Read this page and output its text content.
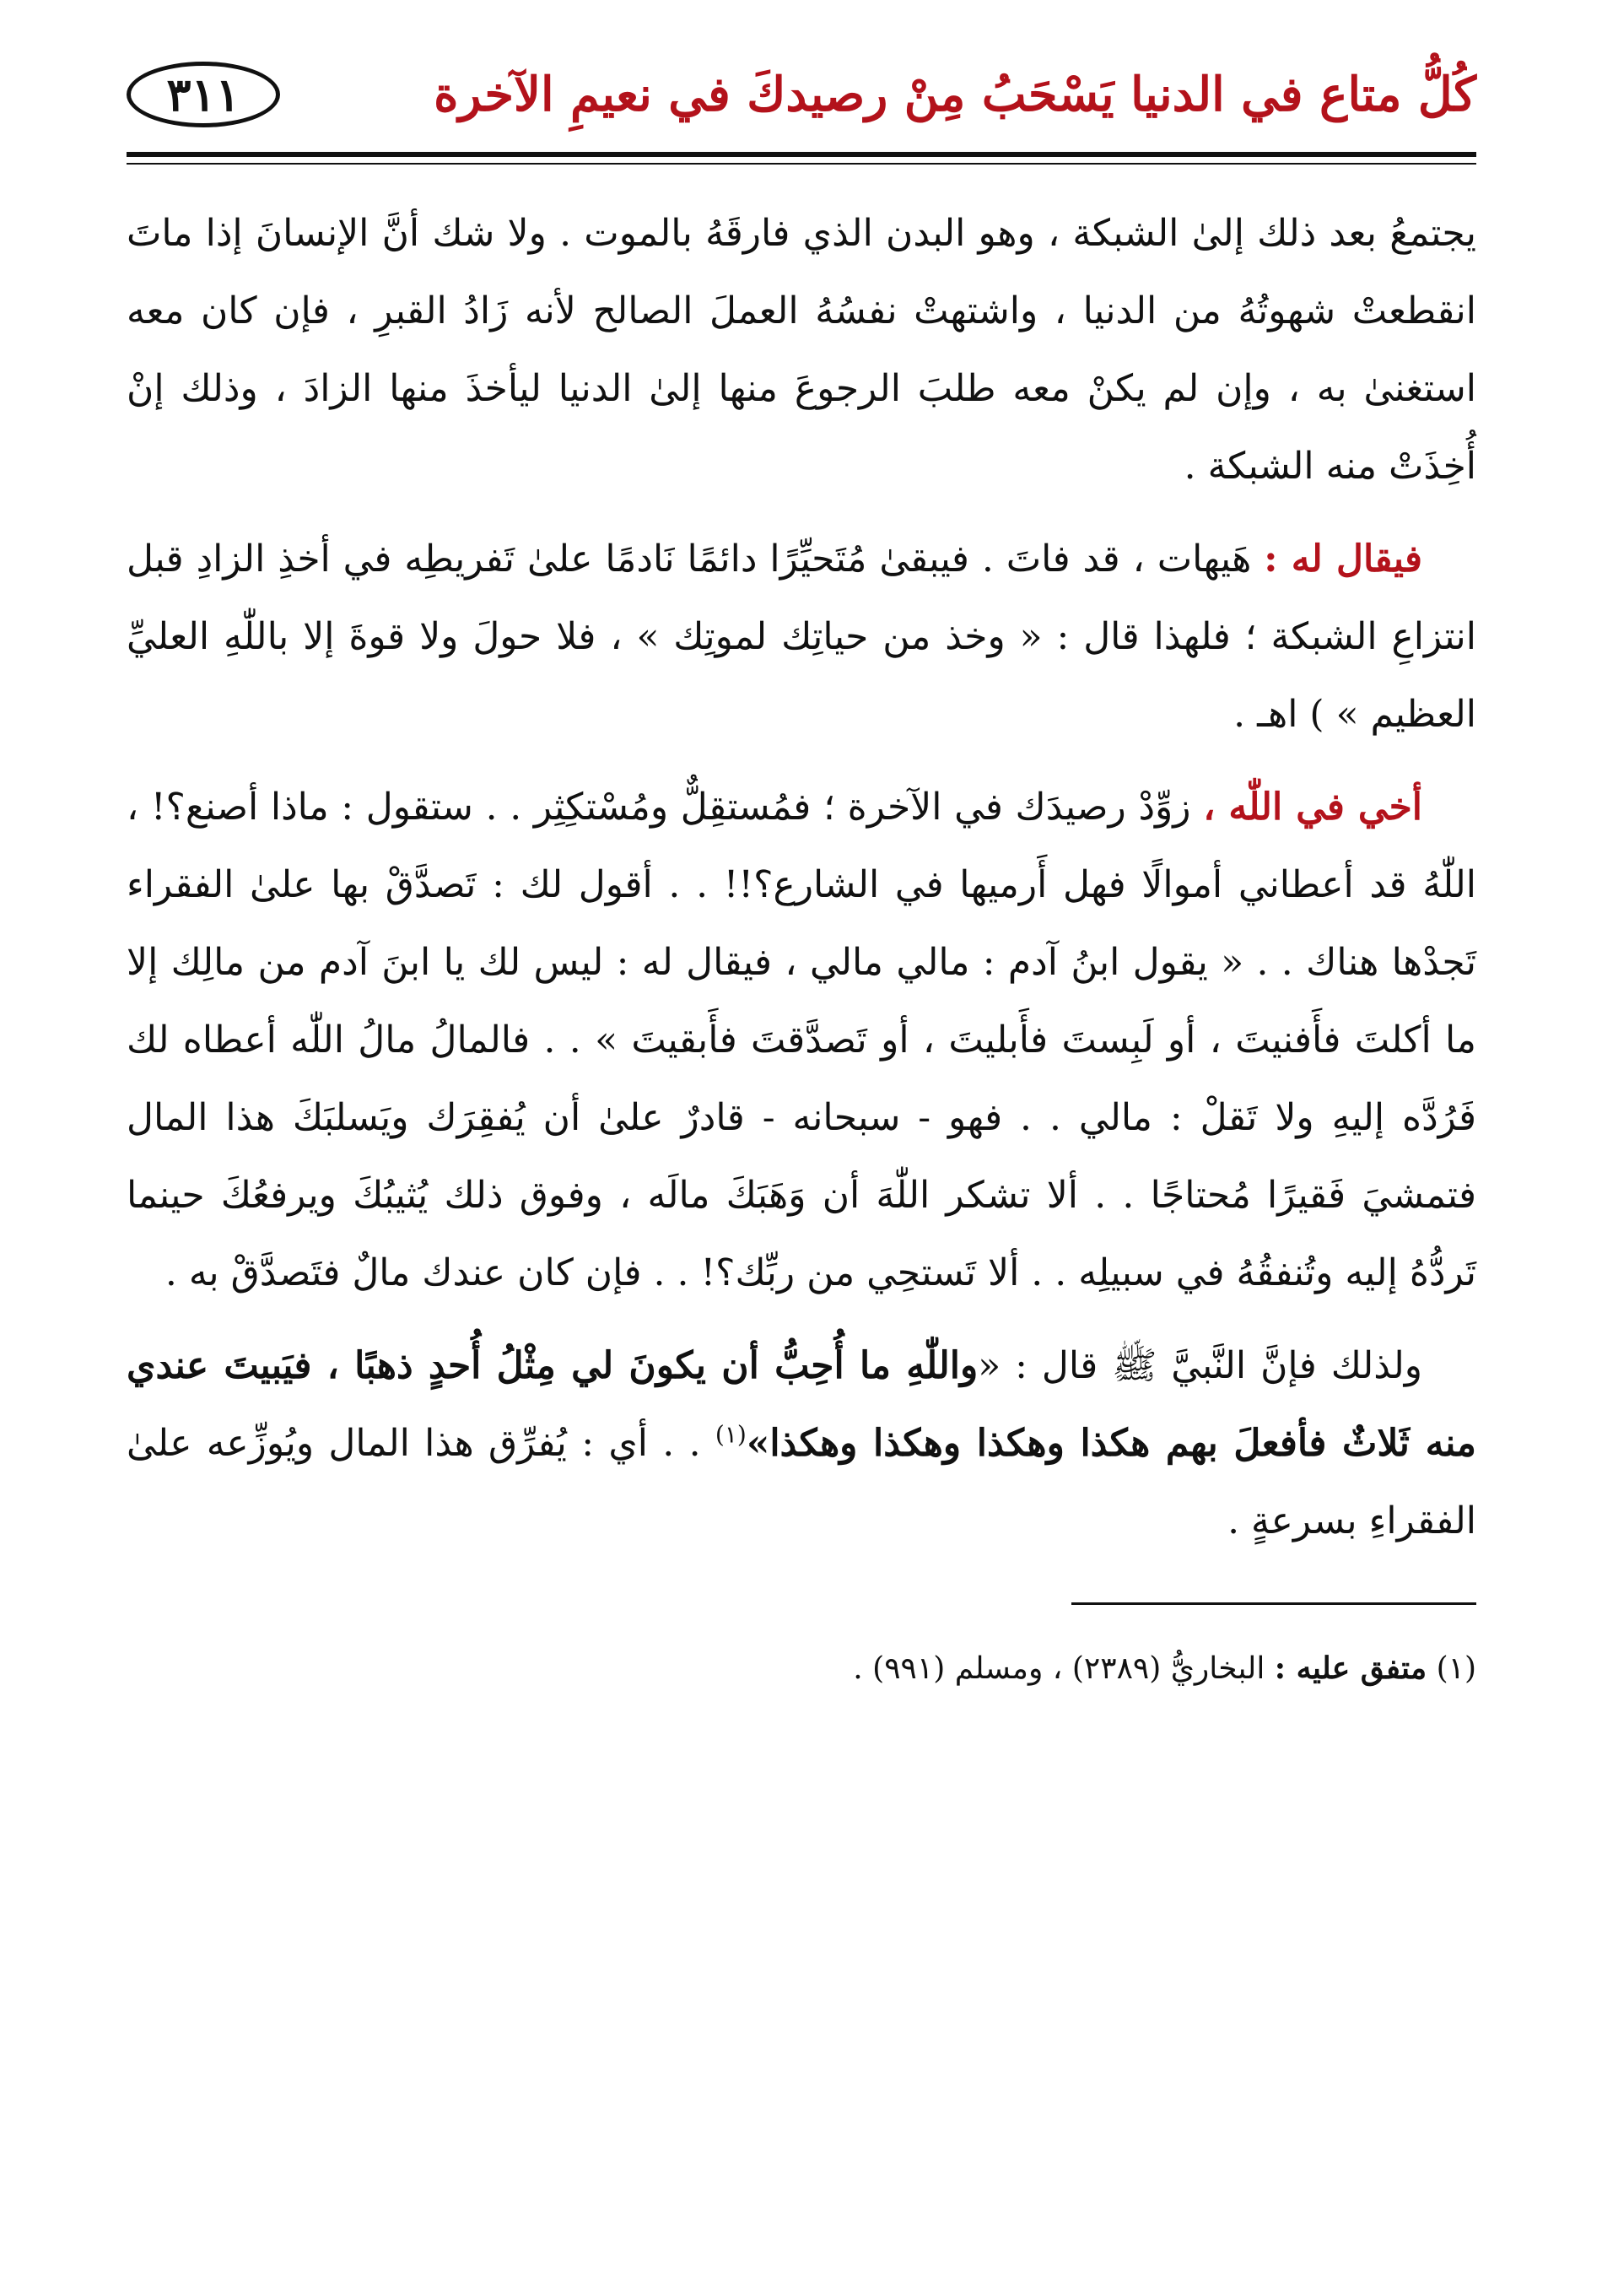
كُلُّ متاع في الدنيا يَسْحَبُ مِنْ رصيدكَ في نعيمِ الآخرة
٣١١

يجتمعُ بعد ذلك إلىٰ الشبكة ، وهو البدن الذي فارقَهُ بالموت . ولا شك أنَّ الإنسانَ إذا ماتَ انقطعتْ شهوتُهُ من الدنيا ، واشتهتْ نفسُهُ العملَ الصالح لأنه زَادُ القبرِ ، فإن كان معه استغنىٰ به ، وإن لم يكنْ معه طلبَ الرجوعَ منها إلىٰ الدنيا ليأخذَ منها الزادَ ، وذلك إنْ أُخِذَتْ منه الشبكة .

فيقال له : هَيهات ، قد فاتَ . فيبقىٰ مُتَحيِّرًا دائمًا نَادمًا علىٰ تَفريطِه في أخذِ الزادِ قبل انتزاعِ الشبكة ؛ فلهذا قال : « وخذ من حياتِك لموتِك » ، فلا حولَ ولا قوةَ إلا باللّٰهِ العليِّ العظيم » ) اهـ .

أخي في اللّٰه ، زوِّدْ رصيدَك في الآخرة ؛ فمُستقِلٌّ ومُسْتكِثِر . . ستقول : ماذا أصنع؟! ، اللّٰهُ قد أعطاني أموالًا فهل أَرميها في الشارع؟!! . . أقول لك : تَصدَّقْ بها علىٰ الفقراء تَجدْها هناك . . « يقول ابنُ آدم : مالي مالي ، فيقال له : ليس لك يا ابنَ آدم من مالِك إلا ما أكلتَ فأَفنيتَ ، أو لَبِستَ فأَبليتَ ، أو تَصدَّقتَ فأَبقيتَ » . . فالمالُ مالُ اللّٰه أعطاه لك فَرُدَّه إليهِ ولا تَقلْ : مالي . . فهو - سبحانه - قادرٌ علىٰ أن يُفقِرَك ويَسلبَكَ هذا المال فتمشيَ فَقيرًا مُحتاجًا . . ألا تشكر اللّٰهَ أن وَهَبَكَ مالَه ، وفوق ذلك يُثيبُكَ ويرفعُكَ حينما تَردُّهُ إليه وتُنفقُهُ في سبيلِه . . ألا تَستحِي من ربِّك؟! . . فإن كان عندك مالٌ فتَصدَّقْ به .

ولذلك فإنَّ النَّبيَّ ﷺ قال : «واللّٰهِ ما أُحِبُّ أن يكونَ لي مِثْلُ أُحدٍ ذهبًا ، فيَبيتَ عندي منه ثَلاثٌ فأفعلَ بهم هكذا وهكذا وهكذا وهكذا»$^{(١)}$ . . أي : يُفرِّق هذا المال ويُوزِّعه علىٰ الفقراءِ بسرعةٍ .

(١) متفق عليه : البخاريُّ (٢٣٨٩) ، ومسلم (٩٩١) .
